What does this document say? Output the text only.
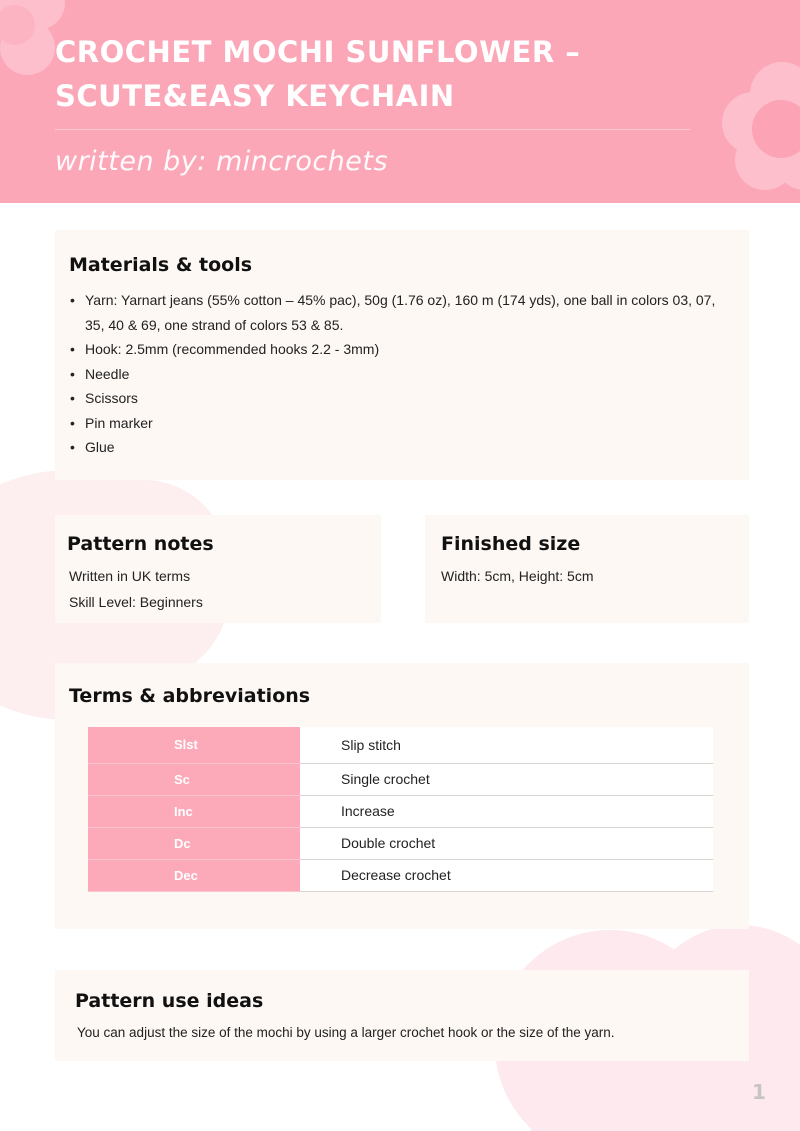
CROCHET MOCHI SUNFLOWER – SCUTE&EASY KEYCHAIN
written by: mincrochets
Materials & tools
• Yarn: Yarnart jeans (55% cotton – 45% pac), 50g (1.76 oz), 160 m (174 yds), one ball in colors 03, 07, 35, 40 & 69, one strand of colors 53 & 85.
• Hook: 2.5mm (recommended hooks 2.2 - 3mm)
• Needle
• Scissors
• Pin marker
• Glue
Pattern notes
Written in UK terms
Skill Level: Beginners
Finished size
Width: 5cm, Height: 5cm
Terms & abbreviations
Slst	Slip stitch
Sc	Single crochet
Inc	Increase
Dc	Double crochet
Dec	Decrease crochet
Pattern use ideas
You can adjust the size of the mochi by using a larger crochet hook or the size of the yarn.
1
